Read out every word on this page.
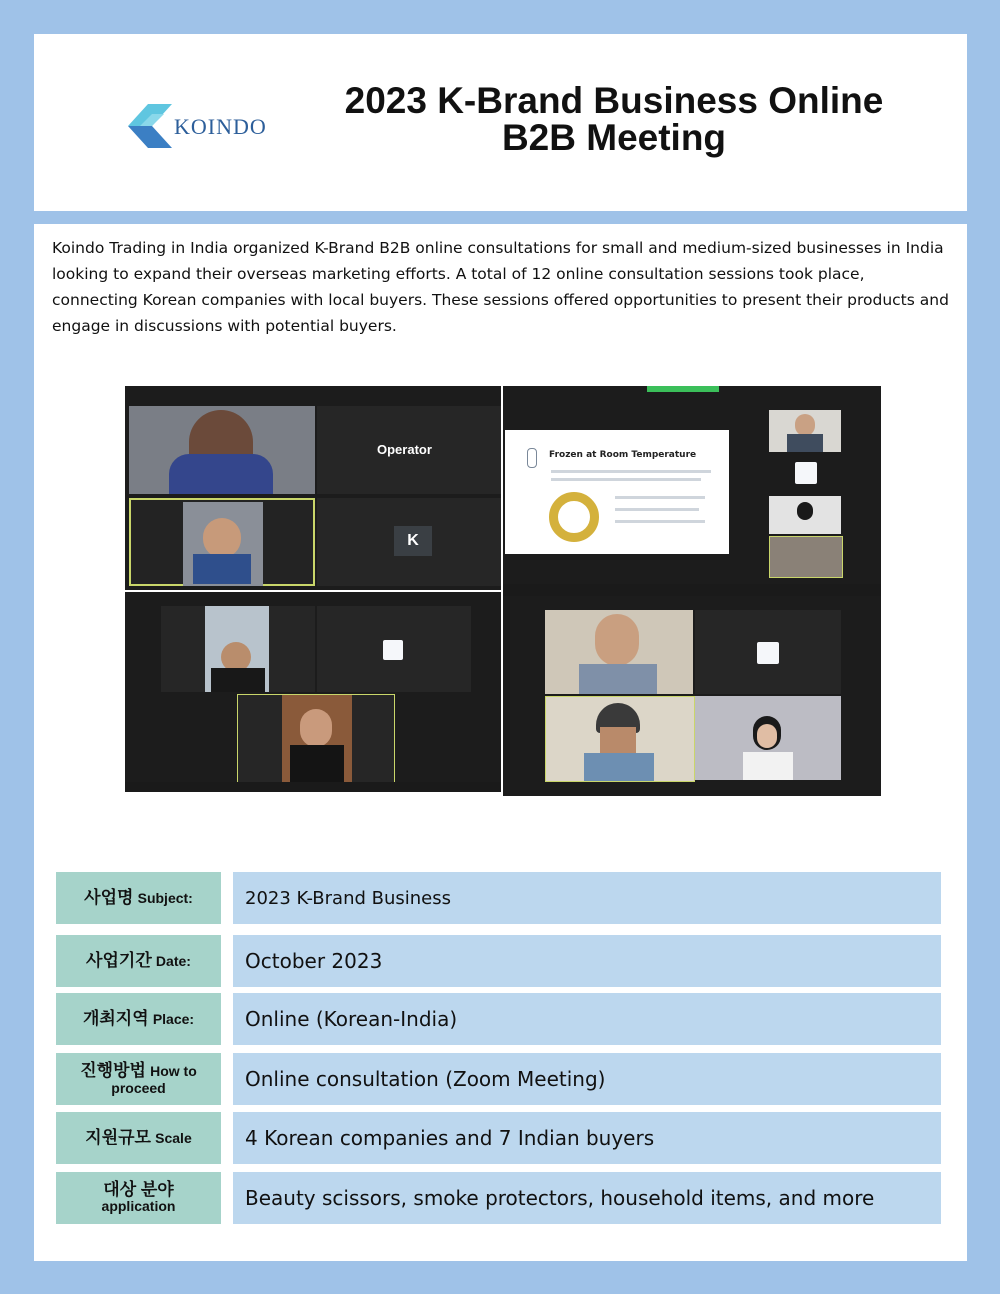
KOINDO
2023 K-Brand Business Online
B2B Meeting

Koindo Trading in India organized K-Brand B2B online consultations for small and medium-sized businesses in India looking to expand their overseas marketing efforts. A total of 12 online consultation sessions took place, connecting Korean companies with local buyers. These sessions offered opportunities to present their products and engage in discussions with potential buyers.

Operator
K
Frozen at Room Temperature
사업명 Subject:	2023 K-Brand Business
사업기간 Date:	October 2023
개최지역 Place:	Online (Korean-India)
진행방법 How to proceed	Online consultation (Zoom Meeting)
지원규모 Scale	4 Korean companies and 7 Indian buyers
대상 분야
application	Beauty scissors, smoke protectors, household items, and more
